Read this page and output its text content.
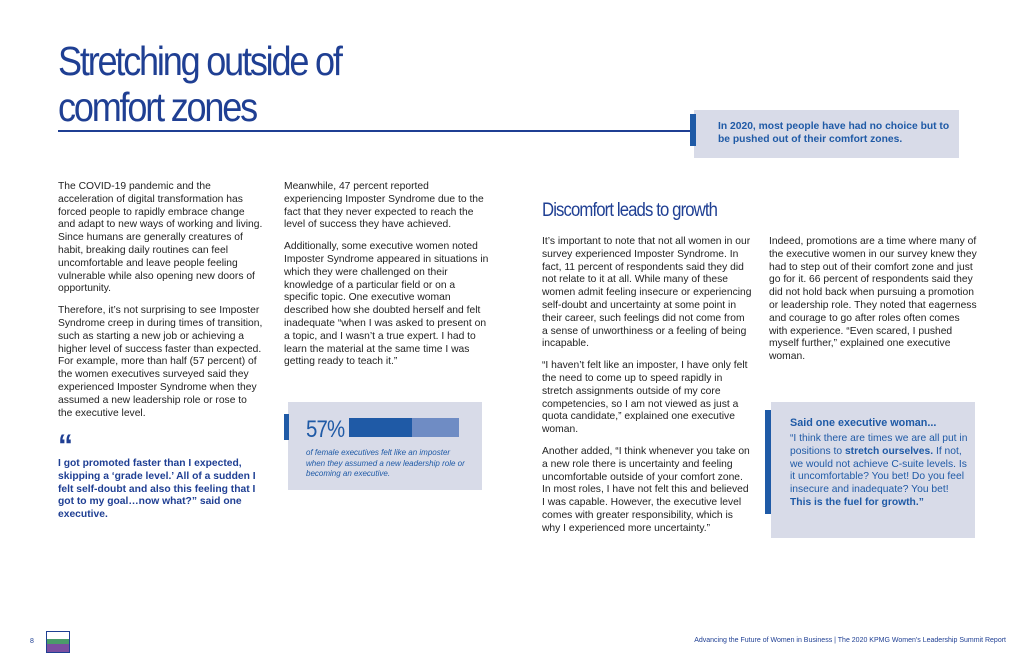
Stretching outside of
comfort zones	In 2020, most people have had no choice but to be pushed out of their comfort zones.

The COVID-19 pandemic and the acceleration of digital transformation has forced people to rapidly embrace change and adapt to new ways of working and living. Since humans are generally creatures of habit, breaking daily routines can feel uncomfortable and leave people feeling vulnerable while also opening new doors of opportunity.

Therefore, it’s not surprising to see Imposter Syndrome creep in during times of transition, such as starting a new job or achieving a higher level of success faster than expected. For example, more than half (57 percent) of the women executives surveyed said they experienced Imposter Syndrome when they assumed a new leadership role or rose to the executive level.

“
I got promoted faster than I expected, skipping a ‘grade level.’ All of a sudden I felt self-doubt and also this feeling that I got to my goal…now what?” said one executive.

Meanwhile, 47 percent reported experiencing Imposter Syndrome due to the fact that they never expected to reach the level of success they have achieved.

Additionally, some executive women noted Imposter Syndrome appeared in situations in which they were challenged on their knowledge of a particular field or on a specific topic. One executive woman described how she doubted herself and felt inadequate “when I was asked to present on a topic, and I wasn’t a true expert. I had to learn the material at the same time I was getting ready to teach it.”

57%
of female executives felt like an imposter when they assumed a new leadership role or becoming an executive.
Discomfort leads to growth

It’s important to note that not all women in our survey experienced Imposter Syndrome. In fact, 11 percent of respondents said they did not relate to it at all. While many of these women admit feeling insecure or experiencing self-doubt and uncertainty at some point in their career, such feelings did not come from a sense of unworthiness or a feeling of being incapable.

“I haven’t felt like an imposter, I have only felt the need to come up to speed rapidly in stretch assignments outside of my core competencies, so I am not viewed as just a quota candidate,” explained one executive woman.

Another added, “I think whenever you take on a new role there is uncertainty and feeling uncomfortable outside of your comfort zone. In most roles, I have not felt this and believed I was capable. However, the executive level comes with greater responsibility, which is why I experienced more uncertainty.”

Indeed, promotions are a time where many of the executive women in our survey knew they had to step out of their comfort zone and just go for it. 66 percent of respondents said they did not hold back when pursuing a promotion or leadership role. They noted that eagerness and courage to go after roles often comes with experience. “Even scared, I pushed myself further,” explained one executive woman.

Said one executive woman...
“I think there are times we are all put in positions to stretch ourselves. If not, we would not achieve C-suite levels. Is it uncomfortable? You bet! Do you feel insecure and inadequate? You bet! This is the fuel for growth.”
8	Advancing the Future of Women in Business | The 2020 KPMG Women’s Leadership Summit Report
